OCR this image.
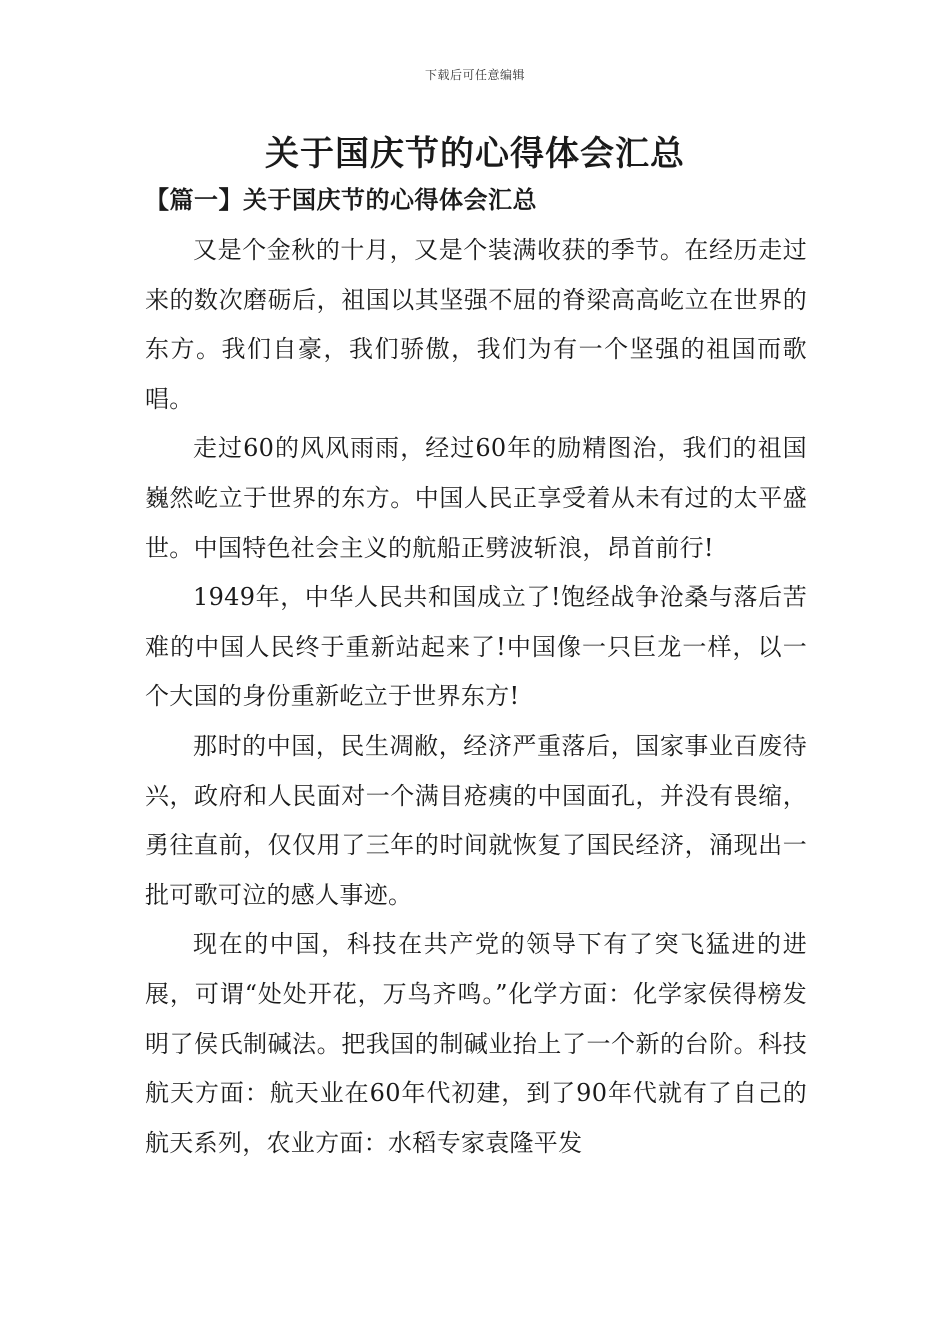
下载后可任意编辑
关于国庆节的心得体会汇总
【篇一】关于国庆节的心得体会汇总

又是个金秋的十月，又是个装满收获的季节。在经历走过来的数次磨砺后，祖国以其坚强不屈的脊梁高高屹立在世界的东方。我们自豪，我们骄傲，我们为有一个坚强的祖国而歌唱。

走过60的风风雨雨，经过60年的励精图治，我们的祖国巍然屹立于世界的东方。中国人民正享受着从未有过的太平盛世。中国特色社会主义的航船正劈波斩浪，昂首前行!

1949年，中华人民共和国成立了!饱经战争沧桑与落后苦难的中国人民终于重新站起来了!中国像一只巨龙一样，以一个大国的身份重新屹立于世界东方!

那时的中国，民生凋敝，经济严重落后，国家事业百废待兴，政府和人民面对一个满目疮痍的中国面孔，并没有畏缩，勇往直前，仅仅用了三年的时间就恢复了国民经济，涌现出一批可歌可泣的感人事迹。

现在的中国，科技在共产党的领导下有了突飞猛进的进展，可谓“处处开花，万鸟齐鸣。”化学方面：化学家侯得榜发明了侯氏制碱法。把我国的制碱业抬上了一个新的台阶。科技航天方面：航天业在60年代初建，到了90年代就有了自己的航天系列，农业方面：水稻专家袁隆平发
